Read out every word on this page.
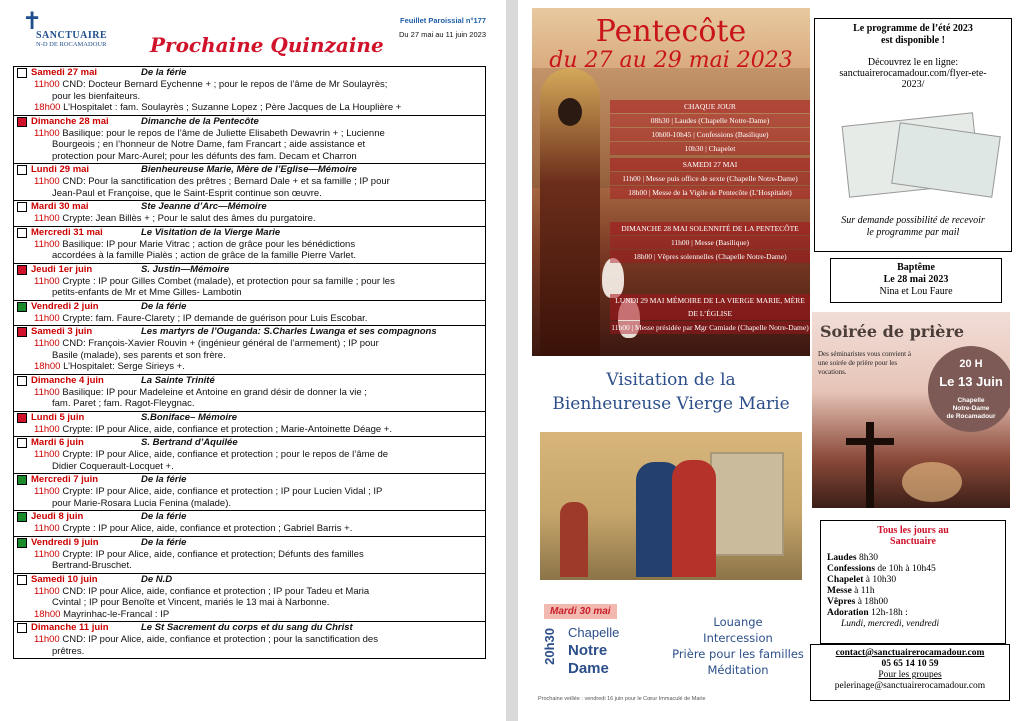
✝
SANCTUAIRE
N-D DE ROCAMADOUR Prochaine Quinzaine
Feuillet Paroissial n°177
Du 27 mai au 11 juin 2023
Samedi 27 mai	De la férie
11h00 CND: Docteur Bernard Eychenne + ; pour le repos de l’âme de Mr Soulayrès;
pour les bienfaiteurs.
18h00 L’Hospitalet : fam. Soulayrès ; Suzanne Lopez ; Père Jacques de La Houplière +
Dimanche 28 mai	Dimanche de la Pentecôte
11h00 Basilique: pour le repos de l’âme de Juliette Elisabeth Dewavrin + ; Lucienne
Bourgeois ; en l’honneur de Notre Dame, fam Francart ; aide assistance et
protection pour Marc-Aurel; pour les défunts des fam. Decam et Charron
Lundi 29 mai	Bienheureuse Marie, Mère de l’Eglise—Mémoire
11h00 CND: Pour la sanctification des prêtres ; Bernard Dale + et sa famille ; IP pour
Jean-Paul et Françoise, que le Saint-Esprit continue son œuvre.
Mardi 30 mai	Ste Jeanne d’Arc—Mémoire
11h00 Crypte: Jean Billès + ; Pour le salut des âmes du purgatoire.
Mercredi 31 mai	Le Visitation de la Vierge Marie
11h00 Basilique: IP pour Marie Vitrac ; action de grâce pour les bénédictions
accordées à la famille Pialès ; action de grâce de la famille Pierre Varlet.
Jeudi 1er juin	S. Justin—Mémoire
11h00 Crypte : IP pour Gilles Combet (malade), et protection pour sa famille ; pour les
petits-enfants de Mr et Mme Gilles- Lambotin
Vendredi 2 juin	De la férie
11h00 Crypte: fam. Faure-Clarety ; IP demande de guérison pour Luis Escobar.
Samedi 3 juin	Les martyrs de l’Ouganda: S.Charles Lwanga et ses compagnons
11h00 CND: François-Xavier Rouvin + (ingénieur général de l’armement) ; IP pour
Basile (malade), ses parents et son frère.
18h00 L’Hospitalet: Serge Sirieys +.
Dimanche 4 juin	La Sainte Trinité
11h00 Basilique: IP pour Madeleine et Antoine en grand désir de donner la vie ;
fam. Paret ; fam. Ragot-Fleygnac.
Lundi 5 juin	S.Boniface– Mémoire
11h00 Crypte: IP pour Alice, aide, confiance et protection ; Marie-Antoinette Déage +.
Mardi 6 juin	S. Bertrand d’Aquilée
11h00 Crypte: IP pour Alice, aide, confiance et protection ; pour le repos de l’âme de
Didier Coquerault-Locquet +.
Mercredi 7 juin	De la férie
11h00 Crypte: IP pour Alice, aide, confiance et protection ; IP pour Lucien Vidal ; IP
pour Marie-Rosara Lucia Fenina (malade).
Jeudi 8 juin	De la férie
11h00 Crypte : IP pour Alice, aide, confiance et protection ; Gabriel Barris +.
Vendredi 9 juin	De la férie
11h00 Crypte: IP pour Alice, aide, confiance et protection; Défunts des familles
Bertrand-Bruschet.
Samedi 10 juin	De N.D
11h00 CND: IP pour Alice, aide, confiance et protection ; IP pour Tadeu et Maria
Cvintal ; IP pour Benoîte et Vincent, mariés le 13 mai à Narbonne.
18h00 Mayrinhac-le-Francal : IP
Dimanche 11 juin	Le St Sacrement du corps et du sang du Christ
11h00 CND: IP pour Alice, aide, confiance et protection ; pour la sanctification des
prêtres.
Pentecôte
du 27 au 29 mai 2023
CHAQUE JOUR
08h30 | Laudes (Chapelle Notre-Dame)
10h00-10h45 | Confessions (Basilique)
10h30 | Chapelet
SAMEDI 27 MAI
11h00 | Messe puis office de sexte (Chapelle Notre-Dame)
18h00 | Messe de la Vigile de Pentecôte (L’Hospitalet)
DIMANCHE 28 MAI SOLENNITÉ DE LA PENTECÔTE
11h00 | Messe (Basilique)
18h00 | Vêpres solennelles (Chapelle Notre-Dame)
LUNDI 29 MAI MÉMOIRE DE LA VIERGE MARIE, MÈRE DE L’ÉGLISE
11h00 | Messe présidée par Mgr Camiade (Chapelle Notre-Dame)
Visitation de la
Bienheureuse Vierge Marie
Mardi 30 mai
20h30 Chapelle
Notre
Dame
Louange
Intercession
Prière pour les familles
Méditation
Prochaine veillée : vendredi 16 juin pour le Cœur Immaculé de Marie
Le programme de l’été 2023
est disponible !
Découvrez le en ligne:
sanctuairerocamadour.com/flyer-ete-
2023/
Sur demande possibilité de recevoir
le programme par mail
Baptême
Le 28 mai 2023
Nina et Lou Faure
Soirée de prière
Des séminaristes vous convient à une soirée de prière pour les vocations.
20 H
Le 13 Juin
Chapelle
Notre-Dame
de Rocamadour
Tous les jours au
Sanctuaire
Laudes 8h30
Confessions de 10h à 10h45
Chapelet à 10h30
Messe à 11h
Vêpres à 18h00
Adoration 12h-18h :
Lundi, mercredi, vendredi
contact@sanctuairerocamadour.com
05 65 14 10 59
Pour les groupes
pelerinage@sanctuairerocamadour.com
